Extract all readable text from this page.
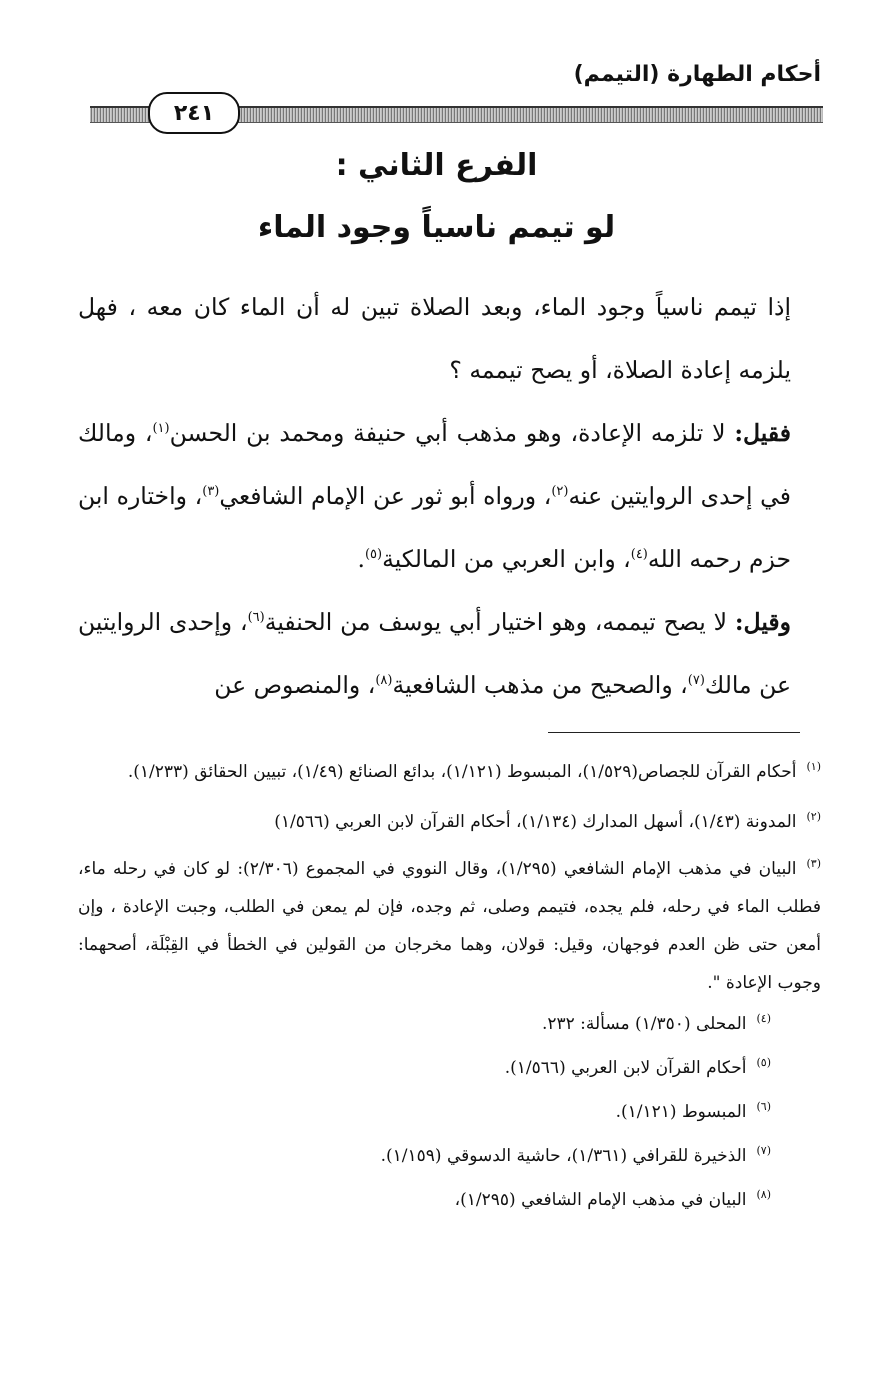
أحكام الطهارة (التيمم)
٢٤١
الفرع الثاني :
لو تيمم ناسياً وجود الماء

إذا تيمم ناسياً وجود الماء، وبعد الصلاة تبين له أن الماء كان معه ، فهل يلزمه إعادة الصلاة، أو يصح تيممه ؟

فقيل: لا تلزمه الإعادة، وهو مذهب أبي حنيفة ومحمد بن الحسن$^{(١)}$، ومالك في إحدى الروايتين عنه$^{(٢)}$، ورواه أبو ثور عن الإمام الشافعي$^{(٣)}$، واختاره ابن حزم رحمه الله$^{(٤)}$، وابن العربي من المالكية$^{(٥)}$.

وقيل: لا يصح تيممه، وهو اختيار أبي يوسف من الحنفية$^{(٦)}$، وإحدى الروايتين عن مالك$^{(٧)}$، والصحيح من مذهب الشافعية$^{(٨)}$، والمنصوص عن

$^{(١)}$أحكام القرآن للجصاص(١/٥٢٩)، المبسوط (١/١٢١)، بدائع الصنائع (١/٤٩)، تبيين الحقائق (١/٢٣٣).

$^{(٢)}$المدونة (١/٤٣)، أسهل المدارك (١/١٣٤)، أحكام القرآن لابن العربي (١/٥٦٦)

$^{(٣)}$البيان في مذهب الإمام الشافعي (١/٢٩٥)، وقال النووي في المجموع (٢/٣٠٦): لو كان في رحله ماء، فطلب الماء في رحله، فلم يجده، فتيمم وصلى، ثم وجده، فإن لم يمعن في الطلب، وجبت الإعادة ، وإن أمعن حتى ظن العدم فوجهان، وقيل: قولان، وهما مخرجان من القولين في الخطأ في القِبْلَة، أصحهما: وجوب الإعادة ".

$^{(٤)}$المحلى (١/٣٥٠) مسألة: ٢٣٢.

$^{(٥)}$أحكام القرآن لابن العربي (١/٥٦٦).

$^{(٦)}$المبسوط (١/١٢١).

$^{(٧)}$الذخيرة للقرافي (١/٣٦١)، حاشية الدسوقي (١/١٥٩).

$^{(٨)}$البيان في مذهب الإمام الشافعي (١/٢٩٥)،
